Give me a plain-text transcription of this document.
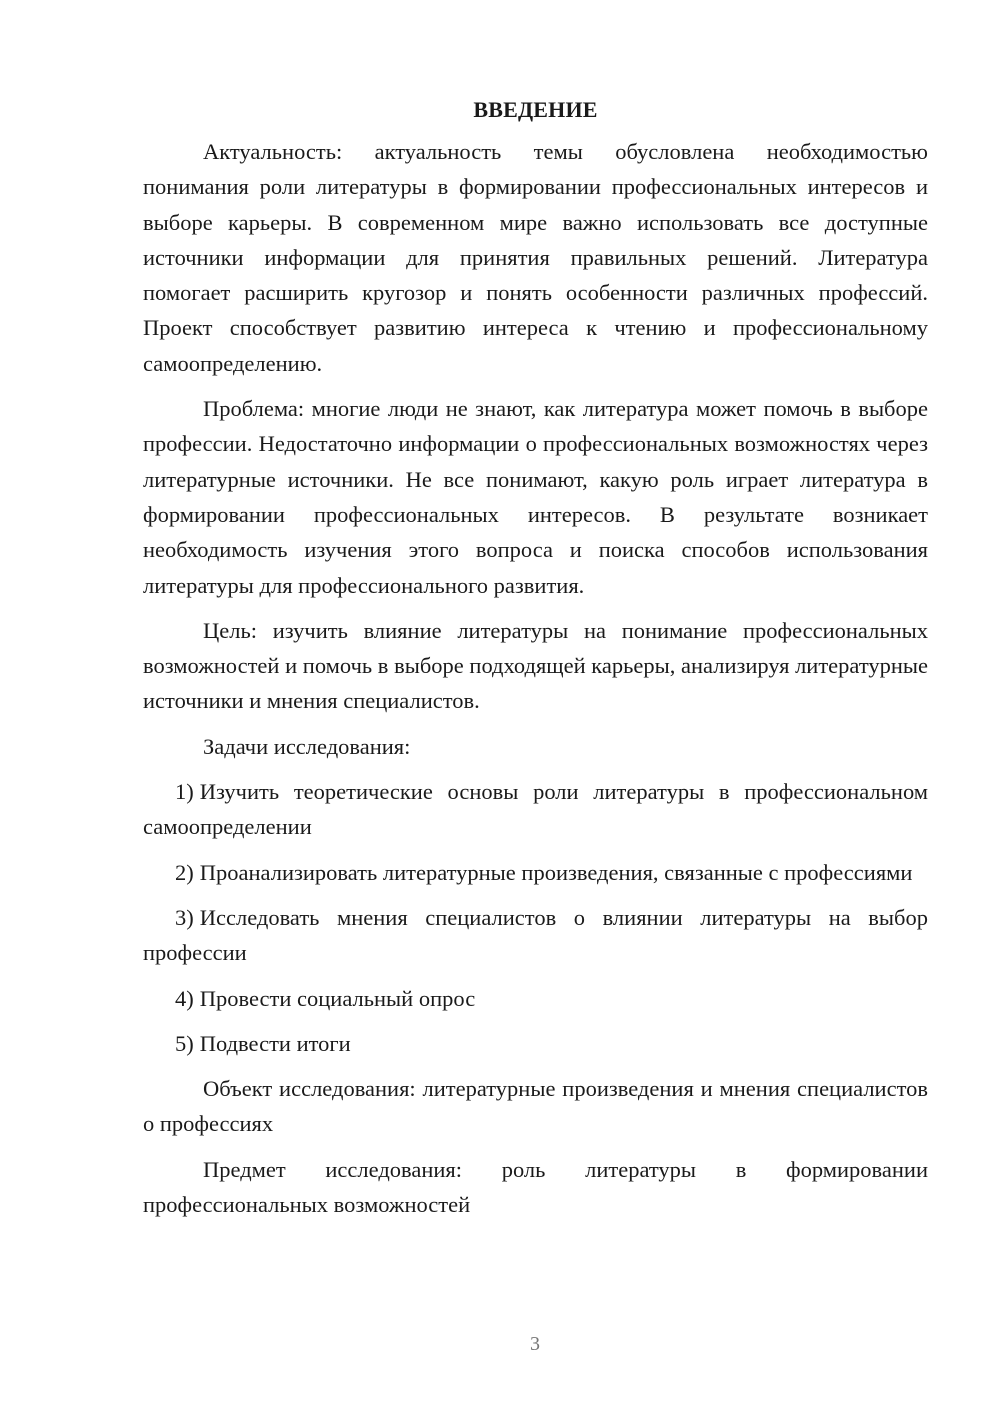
ВВЕДЕНИЕ

Актуальность: актуальность темы обусловлена необходимостью понимания роли литературы в формировании профессиональных интересов и выборе карьеры. В современном мире важно использовать все доступные источники информации для принятия правильных решений. Литература помогает расширить кругозор и понять особенности различных профессий. Проект способствует развитию интереса к чтению и профессиональному самоопределению.

Проблема: многие люди не знают, как литература может помочь в выборе профессии. Недостаточно информации о профессиональных возможностях через литературные источники. Не все понимают, какую роль играет литература в формировании профессиональных интересов. В результате возникает необходимость изучения этого вопроса и поиска способов использования литературы для профессионального развития.

Цель: изучить влияние литературы на понимание профессиональных возможностей и помочь в выборе подходящей карьеры, анализируя литературные источники и мнения специалистов.

Задачи исследования:

1) Изучить теоретические основы роли литературы в профессиональном самоопределении

2) Проанализировать литературные произведения, связанные с профессиями

3) Исследовать мнения специалистов о влиянии литературы на выбор профессии

4) Провести социальный опрос

5) Подвести итоги

Объект исследования: литературные произведения и мнения специалистов о профессиях

Предмет исследования: роль литературы в формировании профессиональных возможностей

3
